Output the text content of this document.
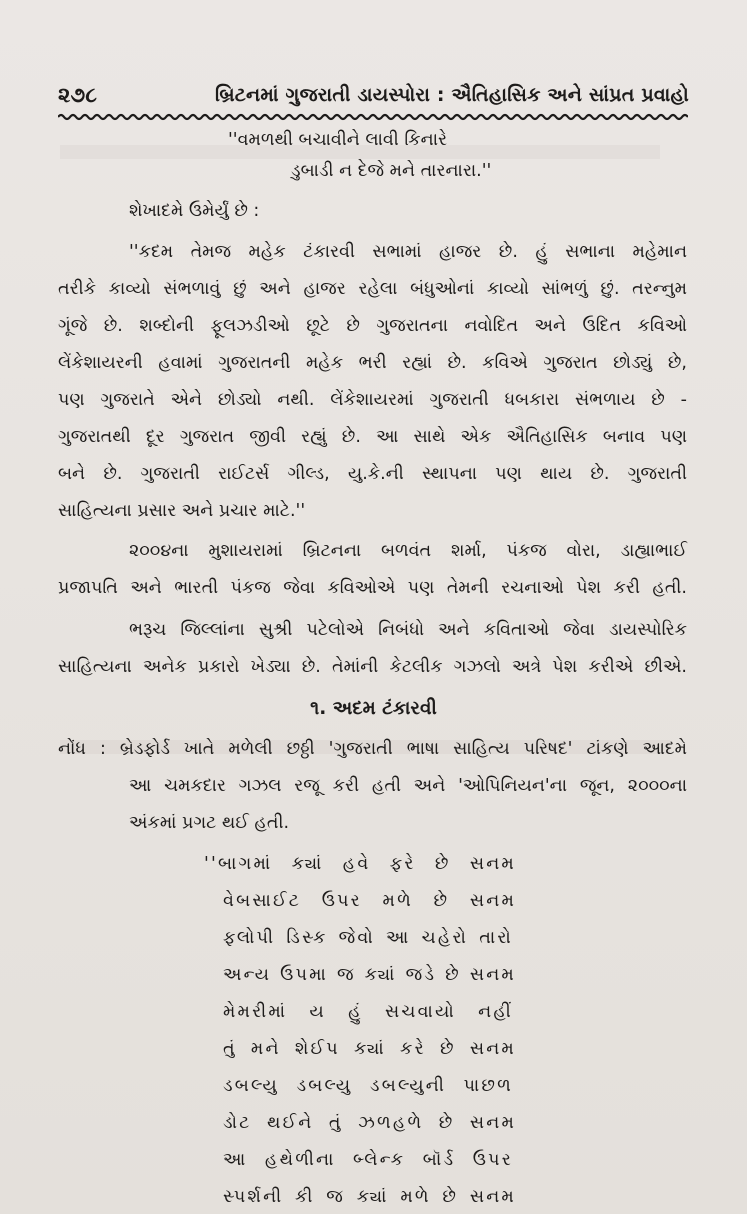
૨૭૮	બ્રિટનમાં ગુજરાતી ડાયસ્પોરા : ઐતિહાસિક અને સાંપ્રત પ્રવાહો
''વમળથી બચાવીને લાવી કિનારે
ડુબાડી ન દેજે મને તારનારા.''
શેખાદમે ઉમેર્યું છે :
''કદમ તેમજ મહેક ટંકારવી સભામાં હાજર છે. હું સભાના મહેમાન
તરીકે કાવ્યો સંભળાવું છું અને હાજર રહેલા બંધુઓનાં કાવ્યો સાંભળું છું. તરન્નુમ
ગૂંજે છે. શબ્દોની ફૂલઝડીઓ છૂટે છે ગુજરાતના નવોદિત અને ઉદિત કવિઓ
લેંકેશાયરની હવામાં ગુજરાતની મહેક ભરી રહ્યાં છે. કવિએ ગુજરાત છોડ્યું છે,
પણ ગુજરાતે એને છોડ્યો નથી. લેંકેશાયરમાં ગુજરાતી ધબકારા સંભળાય છે -
ગુજરાતથી દૂર ગુજરાત જીવી રહ્યું છે. આ સાથે એક ઐતિહાસિક બનાવ પણ
બને છે. ગુજરાતી રાઈટર્સ ગીલ્ડ, યુ.કે.ની સ્થાપના પણ થાય છે. ગુજરાતી
સાહિત્યના પ્રસાર અને પ્રચાર માટે.''
૨૦૦૪ના મુશાયરામાં બ્રિટનના બળવંત શર્મા, પંકજ વોરા, ડાહ્યાભાઈ
પ્રજાપતિ અને ભારતી પંકજ જેવા કવિઓએ પણ તેમની રચનાઓ પેશ કરી હતી.
ભરૂચ જિલ્લાંના સુશ્રી પટેલોએ નિબંધો અને કવિતાઓ જેવા ડાયસ્પોરિક
સાહિત્યના અનેક પ્રકારો ખેડ્યા છે. તેમાંની કેટલીક ગઝલો અત્રે પેશ કરીએ છીએ.
૧. અદમ ટંકારવી
નોંધ : બ્રેડફોર્ડ ખાતે મળેલી છઠ્ઠી 'ગુજરાતી ભાષા સાહિત્ય પરિષદ' ટાંકણે આદમે
આ ચમકદાર ગઝલ રજૂ કરી હતી અને 'ઓપિનિયન'ના જૂન, ૨૦૦૦ના
અંકમાં પ્રગટ થઈ હતી.
''બાગમાં ક્યાં હવે ફરે છે સનમ
વેબસાઈટ ઉપર મળે છે સનમ
ફ્લોપી ડિસ્ક જેવો આ ચહેરો તારો
અન્ય ઉપમા જ ક્યાં જડે છે સનમ
મેમરીમાં ય હું સચવાયો નહીં
તું મને શેઈપ ક્યાં કરે છે સનમ
ડબલ્યુ ડબલ્યુ ડબલ્યુની પાછળ
ડોટ થઈને તું ઝળહળે છે સનમ
આ હથેળીના બ્લેન્ક બૉર્ડ ઉપર
સ્પર્શની કી જ ક્યાં મળે છે સનમ
